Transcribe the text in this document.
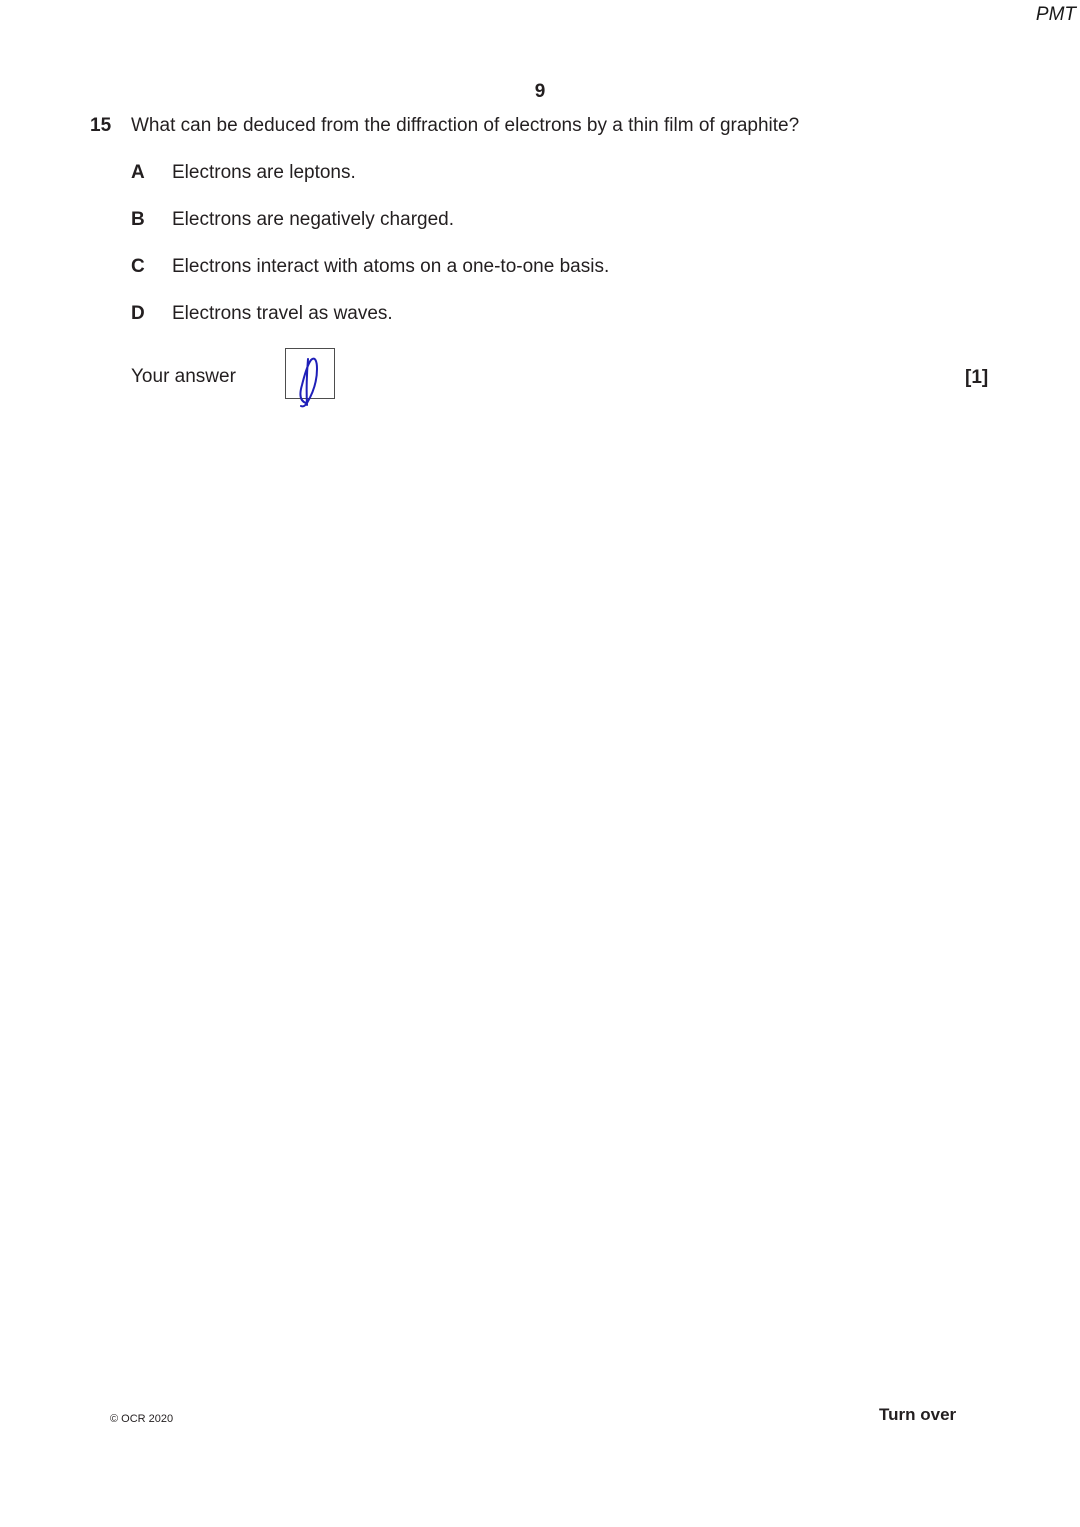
PMT
9
15 What can be deduced from the diffraction of electrons by a thin film of graphite?
A Electrons are leptons.
B Electrons are negatively charged.
C Electrons interact with atoms on a one-to-one basis.
D Electrons travel as waves.
Your answer	[1]
© OCR 2020	Turn over
